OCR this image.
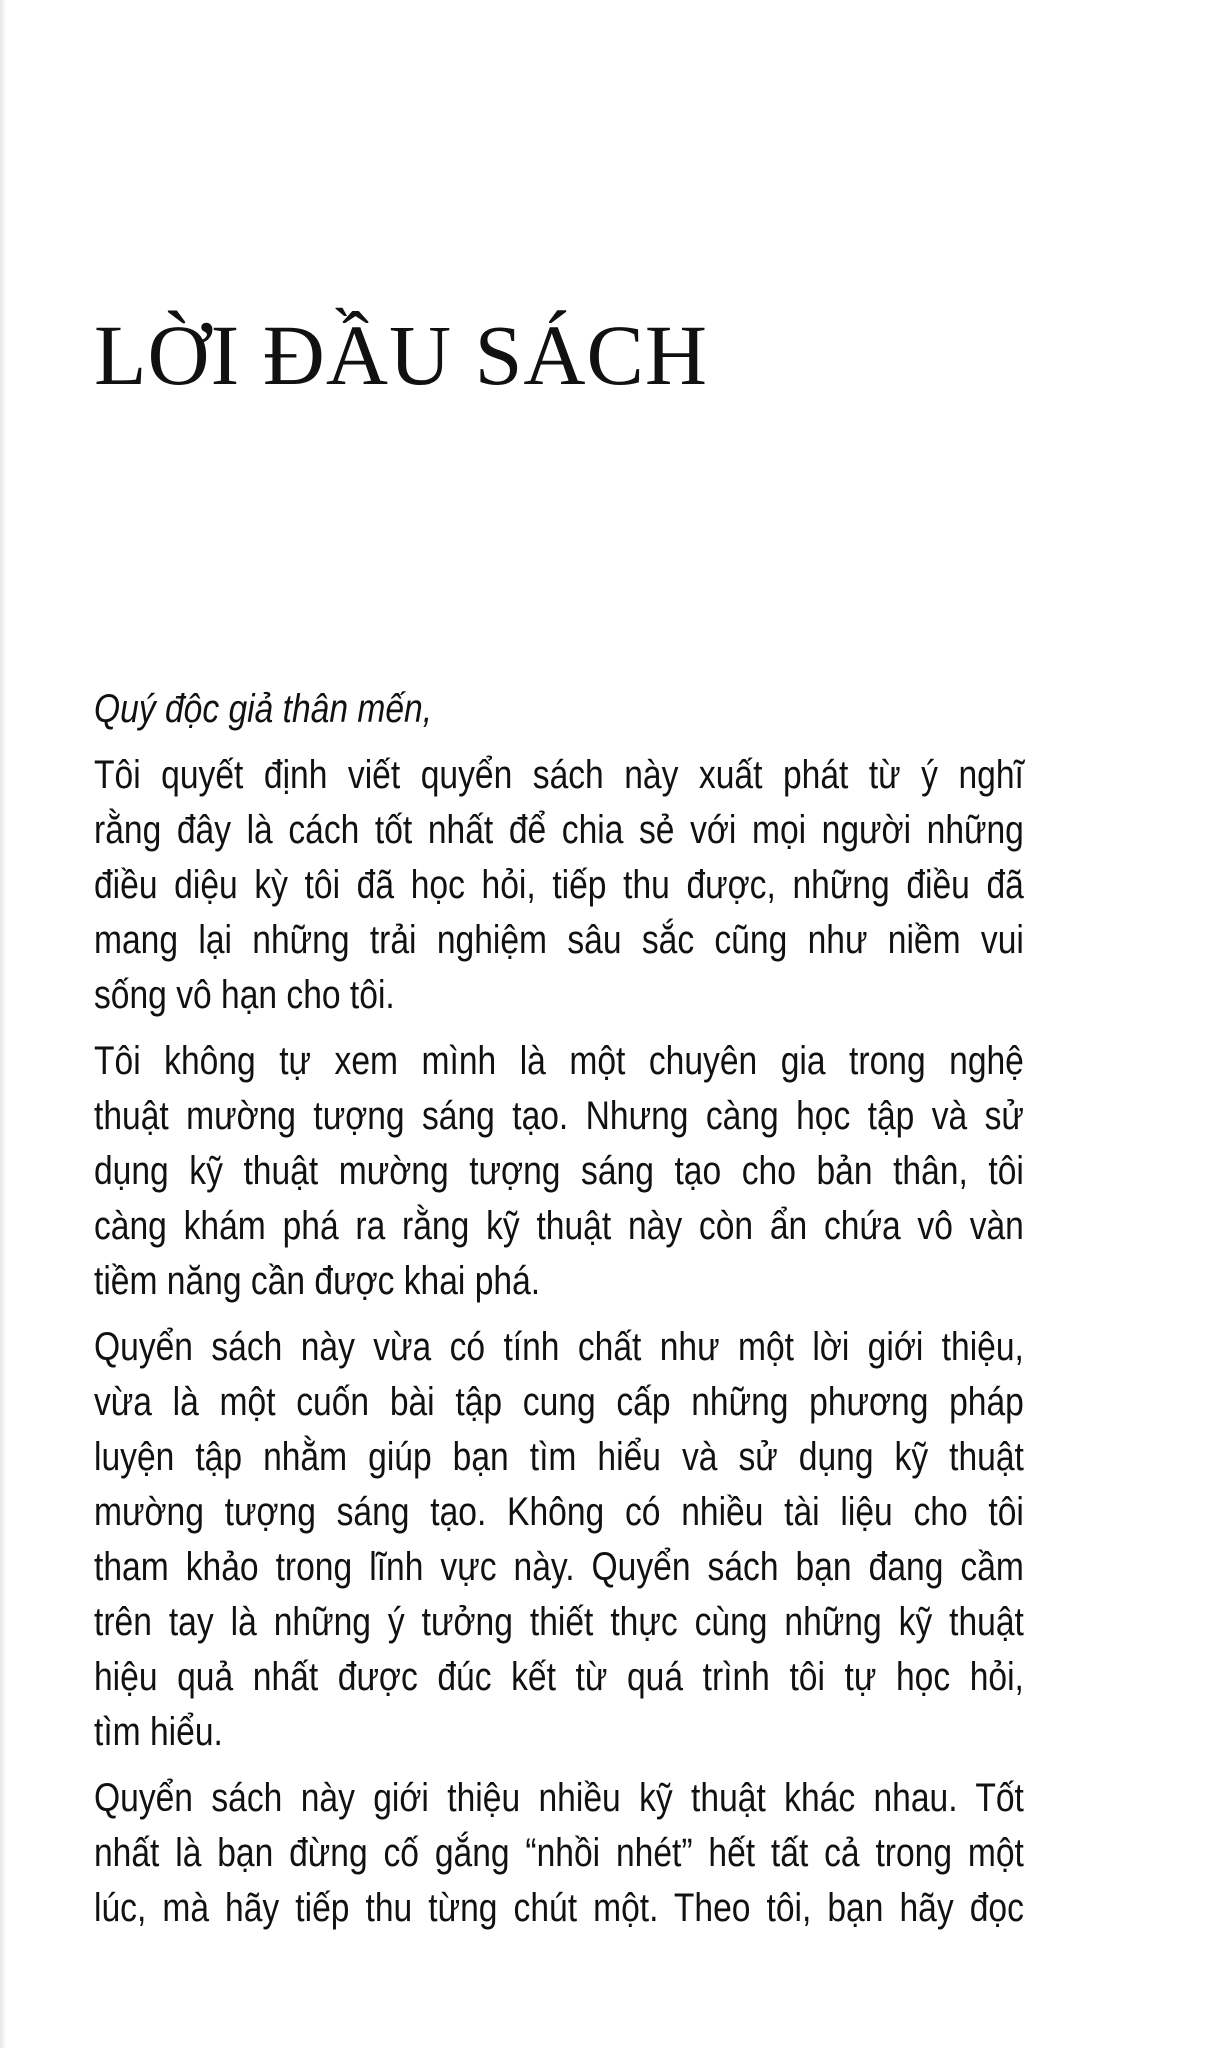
LỜI ĐẦU SÁCH
Quý độc giả thân mến,
Tôi quyết định viết quyển sách này xuất phát từ ý nghĩ
rằng đây là cách tốt nhất để chia sẻ với mọi người những
điều diệu kỳ tôi đã học hỏi, tiếp thu được, những điều đã
mang lại những trải nghiệm sâu sắc cũng như niềm vui
sống vô hạn cho tôi.
Tôi không tự xem mình là một chuyên gia trong nghệ
thuật mường tượng sáng tạo. Nhưng càng học tập và sử
dụng kỹ thuật mường tượng sáng tạo cho bản thân, tôi
càng khám phá ra rằng kỹ thuật này còn ẩn chứa vô vàn
tiềm năng cần được khai phá.
Quyển sách này vừa có tính chất như một lời giới thiệu,
vừa là một cuốn bài tập cung cấp những phương pháp
luyện tập nhằm giúp bạn tìm hiểu và sử dụng kỹ thuật
mường tượng sáng tạo. Không có nhiều tài liệu cho tôi
tham khảo trong lĩnh vực này. Quyển sách bạn đang cầm
trên tay là những ý tưởng thiết thực cùng những kỹ thuật
hiệu quả nhất được đúc kết từ quá trình tôi tự học hỏi,
tìm hiểu.
Quyển sách này giới thiệu nhiều kỹ thuật khác nhau. Tốt
nhất là bạn đừng cố gắng “nhồi nhét” hết tất cả trong một
lúc, mà hãy tiếp thu từng chút một. Theo tôi, bạn hãy đọc
